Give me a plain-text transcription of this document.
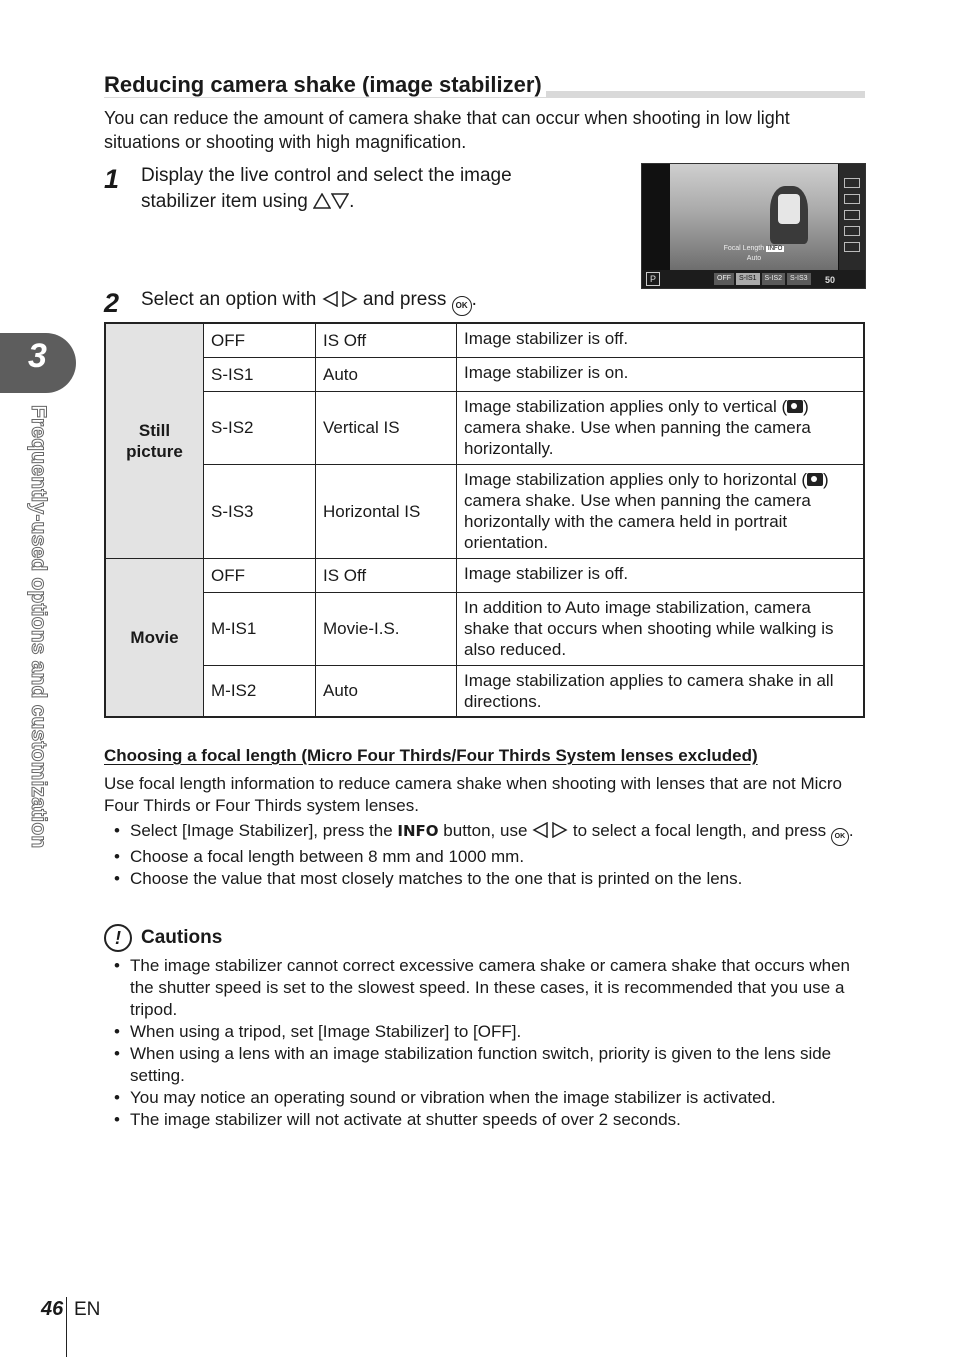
3
Frequently-used options and customization
Reducing camera shake (image stabilizer)
You can reduce the amount of camera shake that can occur when shooting in low light situations or shooting with high magnification.
1 Display the live control and select the image
stabilizer item using .
Focal Length INFO
Auto
P	OFF	S-IS1	S-IS2	S-IS3	50
2 Select an option with and press OK .
Still picture	OFF	IS Off	Image stabilizer is off.
	S-IS1	Auto	Image stabilizer is on.
	S-IS2	Vertical IS	Image stabilization applies only to vertical ( ) camera shake. Use when panning the camera horizontally.
	S-IS3	Horizontal IS	Image stabilization applies only to horizontal ( ) camera shake. Use when panning the camera horizontally with the camera held in portrait orientation.
Movie	OFF	IS Off	Image stabilizer is off.
	M-IS1	Movie-I.S.	In addition to Auto image stabilization, camera shake that occurs when shooting while walking is also reduced.
	M-IS2	Auto	Image stabilization applies to camera shake in all directions.
Choosing a focal length (Micro Four Thirds/Four Thirds System lenses excluded)
Use focal length information to reduce camera shake when shooting with lenses that are not Micro Four Thirds or Four Thirds system lenses.
• Select [Image Stabilizer], press the INFO button, use	to select a focal length, and press OK .
• Choose a focal length between 8 mm and 1000 mm.
• Choose the value that most closely matches to the one that is printed on the lens.
!	Cautions
• The image stabilizer cannot correct excessive camera shake or camera shake that occurs when the shutter speed is set to the slowest speed. In these cases, it is recommended that you use a tripod.
• When using a tripod, set [Image Stabilizer] to [OFF].
• When using a lens with an image stabilization function switch, priority is given to the lens side setting.
• You may notice an operating sound or vibration when the image stabilizer is activated.
• The image stabilizer will not activate at shutter speeds of over 2 seconds.
46 EN
